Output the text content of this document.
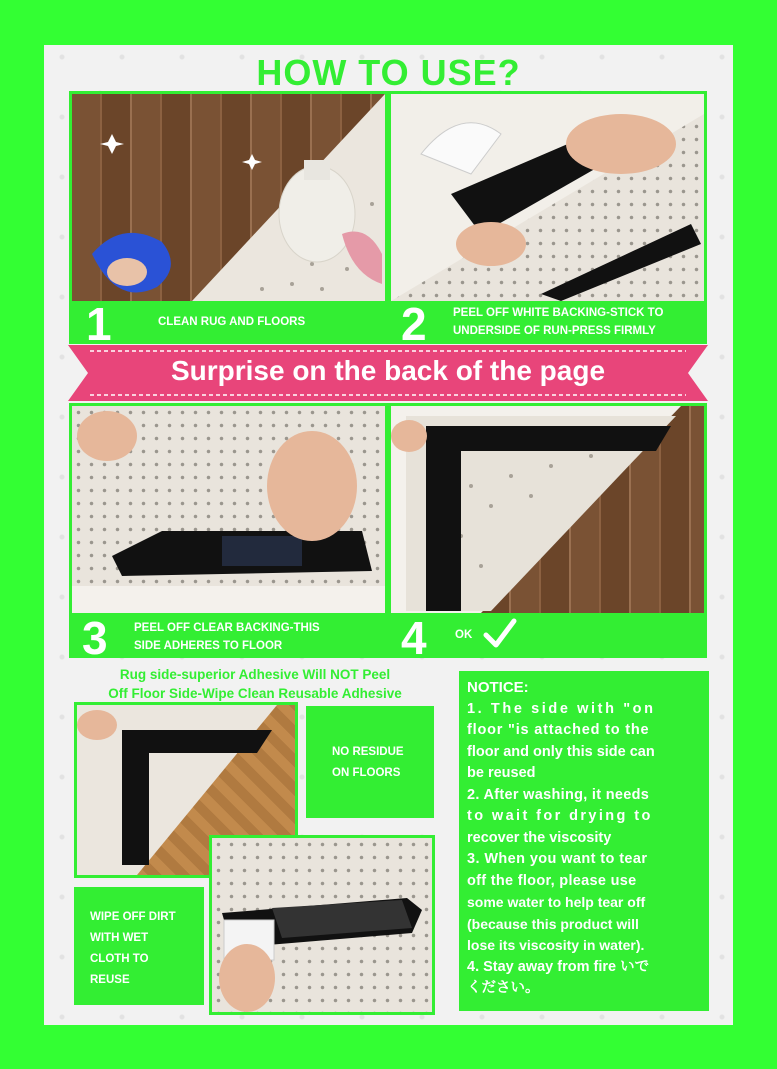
HOW TO USE?
1	CLEAN RUG AND FLOORS 2 PEEL OFF WHITE BACKING-STICK TO
UNDERSIDE OF RUN-PRESS FIRMLY
Surprise on the back of the page
3 PEEL OFF CLEAR BACKING-THIS
SIDE ADHERES TO FLOOR	4 OK
Rug side-superior Adhesive Will NOT Peel
Off Floor Side-Wipe Clean Reusable Adhesive
NO RESIDUE
ON FLOORS
NOTICE:
1. The side with "on
floor "is attached to the
floor and only this side can
be reused
2. After washing, it needs
to wait for drying to
recover the viscosity
3. When you want to tear
off the floor, please use
some water to help tear off
(because this product will
lose its viscosity in water).
4. Stay away from fire いで
ください。
WIPE OFF DIRT
WITH WET
CLOTH TO
REUSE
